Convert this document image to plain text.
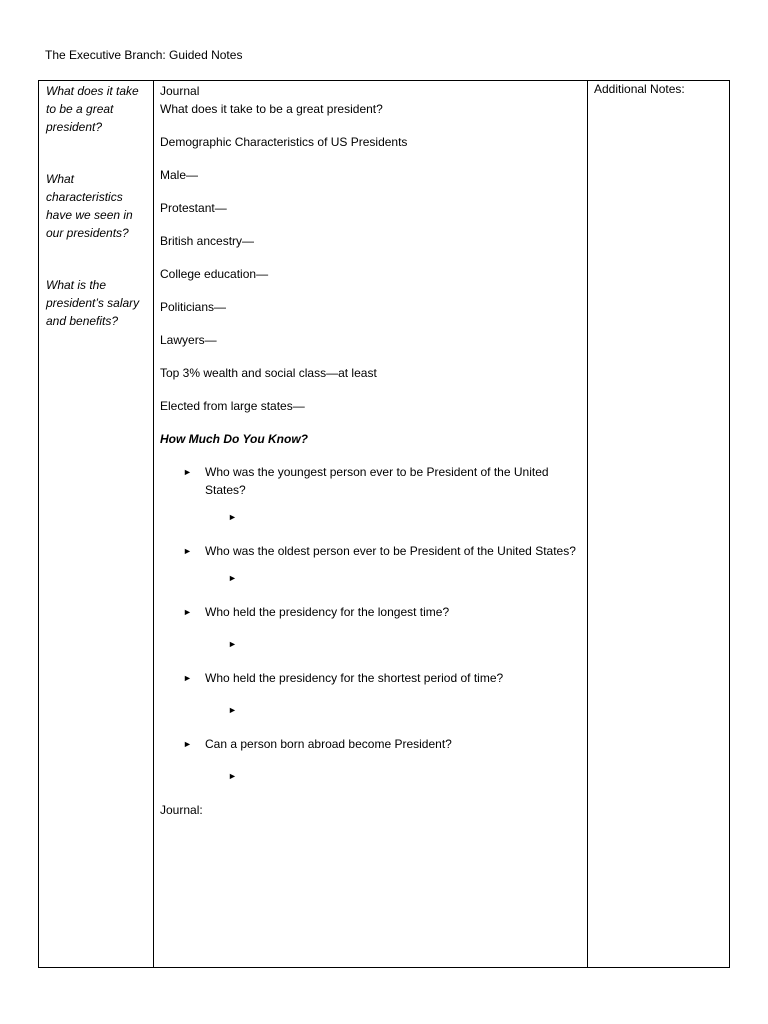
The Executive Branch: Guided Notes
What does it take to be a great president?
What characteristics have we seen in our presidents?
What is the president’s salary and benefits?
Journal
What does it take to be a great president?
Demographic Characteristics of US Presidents
Male—
Protestant—
British ancestry—
College education—
Politicians—
Lawyers—
Top 3% wealth and social class—at least
Elected from large states—
How Much Do You Know?
► Who was the youngest person ever to be President of the United States?
►
► Who was the oldest person ever to be President of the United States?
►
► Who held the presidency for the longest time?
►
► Who held the presidency for the shortest period of time?
►
► Can a person born abroad become President?
►
Journal:
Additional Notes:
